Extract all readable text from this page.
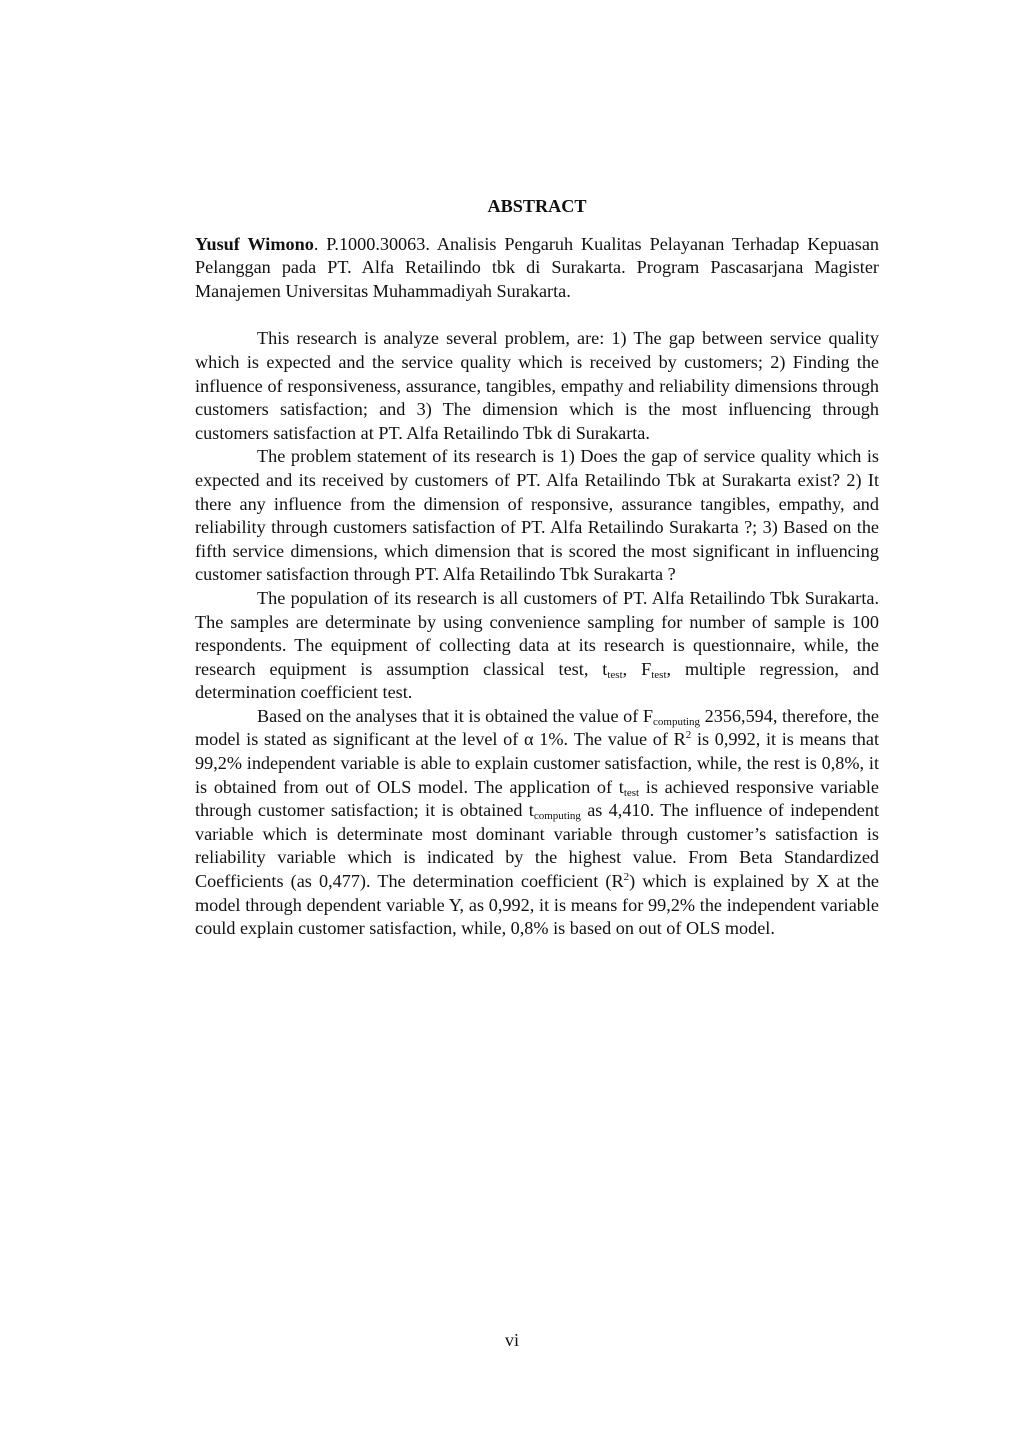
ABSTRACT

Yusuf Wimono. P.1000.30063. Analisis Pengaruh Kualitas Pelayanan Terhadap Kepuasan Pelanggan pada PT. Alfa Retailindo tbk di Surakarta. Program Pascasarjana Magister Manajemen Universitas Muhammadiyah Surakarta.

This research is analyze several problem, are: 1) The gap between service quality which is expected and the service quality which is received by customers; 2) Finding the influence of responsiveness, assurance, tangibles, empathy and reliability dimensions through customers satisfaction; and 3) The dimension which is the most influencing through customers satisfaction at PT. Alfa Retailindo Tbk di Surakarta.

The problem statement of its research is 1) Does the gap of service quality which is expected and its received by customers of PT. Alfa Retailindo Tbk at Surakarta exist? 2) It there any influence from the dimension of responsive, assurance tangibles, empathy, and reliability through customers satisfaction of PT. Alfa Retailindo Surakarta ?; 3) Based on the fifth service dimensions, which dimension that is scored the most significant in influencing customer satisfaction through PT. Alfa Retailindo Tbk Surakarta ?

The population of its research is all customers of PT. Alfa Retailindo Tbk Surakarta. The samples are determinate by using convenience sampling for number of sample is 100 respondents. The equipment of collecting data at its research is questionnaire, while, the research equipment is assumption classical test, $t_{test}$, $F_{test}$, multiple regression, and determination coefficient test.

Based on the analyses that it is obtained the value of $F_{computing}$ 2356,594, therefore, the model is stated as significant at the level of α 1%. The value of $R^2$ is 0,992, it is means that 99,2% independent variable is able to explain customer satisfaction, while, the rest is 0,8%, it is obtained from out of OLS model. The application of $t_{test}$ is achieved responsive variable through customer satisfaction; it is obtained $t_{computing}$ as 4,410. The influence of independent variable which is determinate most dominant variable through customer’s satisfaction is reliability variable which is indicated by the highest value. From Beta Standardized Coefficients (as 0,477). The determination coefficient $(R^2)$ which is explained by X at the model through dependent variable Y, as 0,992, it is means for 99,2% the independent variable could explain customer satisfaction, while, 0,8% is based on out of OLS model.

vi
